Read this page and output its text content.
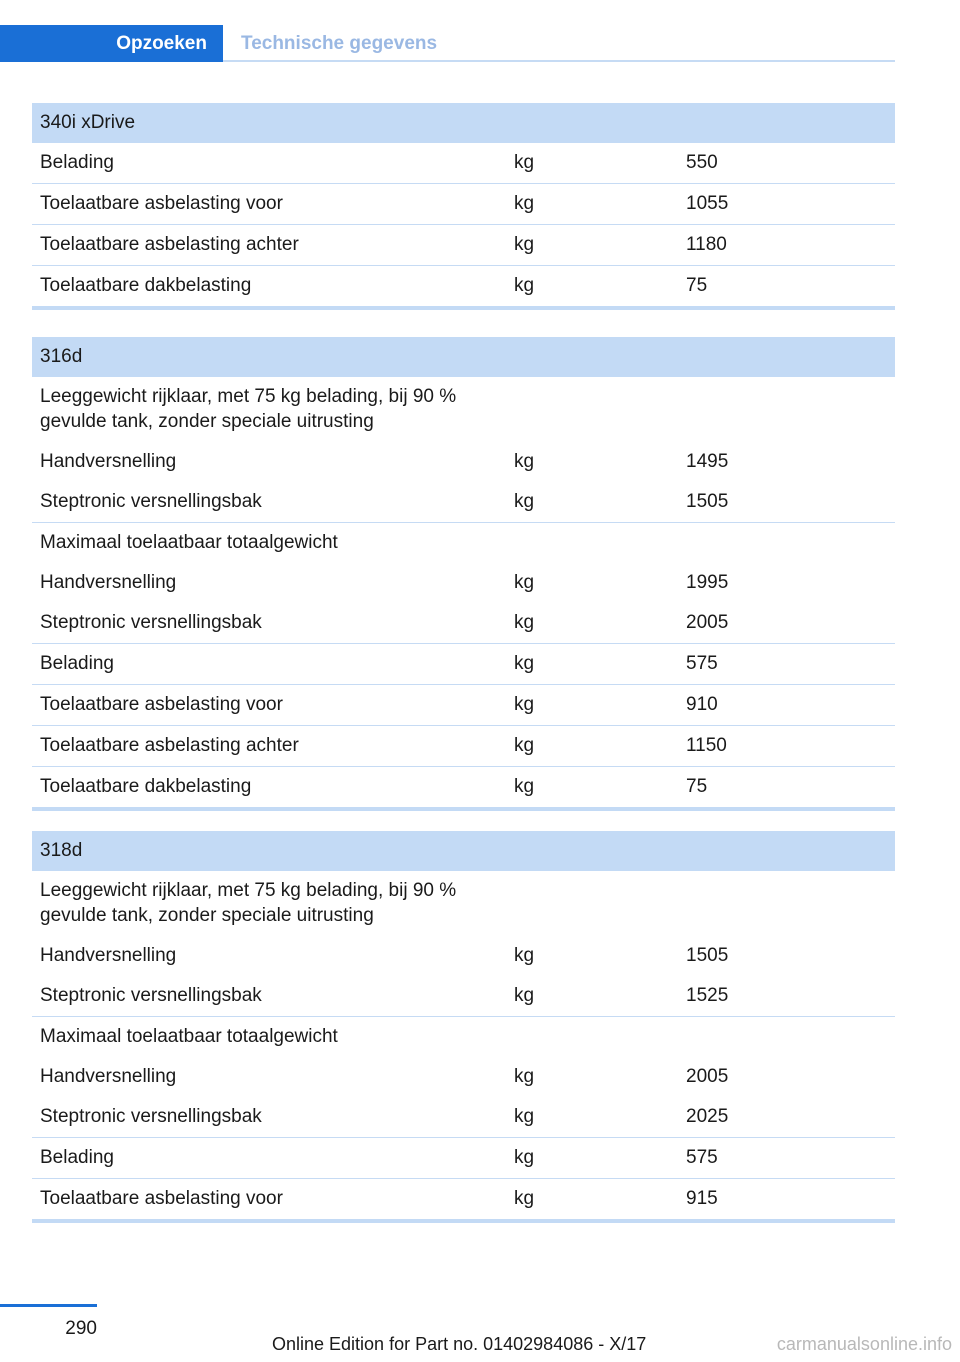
Opzoeken	Technische gegevens
340i xDrive
Belading	kg	550
Toelaatbare asbelasting voor	kg	1055
Toelaatbare asbelasting achter	kg	1180
Toelaatbare dakbelasting	kg	75
316d
Leeggewicht rijklaar, met 75 kg belading, bij 90 % gevulde tank, zonder speciale uitrusting
Handversnelling	kg	1495
Steptronic versnellingsbak	kg	1505
Maximaal toelaatbaar totaalgewicht
Handversnelling	kg	1995
Steptronic versnellingsbak	kg	2005
Belading	kg	575
Toelaatbare asbelasting voor	kg	910
Toelaatbare asbelasting achter	kg	1150
Toelaatbare dakbelasting	kg	75
318d
Leeggewicht rijklaar, met 75 kg belading, bij 90 % gevulde tank, zonder speciale uitrusting
Handversnelling	kg	1505
Steptronic versnellingsbak	kg	1525
Maximaal toelaatbaar totaalgewicht
Handversnelling	kg	2005
Steptronic versnellingsbak	kg	2025
Belading	kg	575
Toelaatbare asbelasting voor	kg	915
290
Online Edition for Part no. 01402984086 - X/17	carmanualsonline.info
